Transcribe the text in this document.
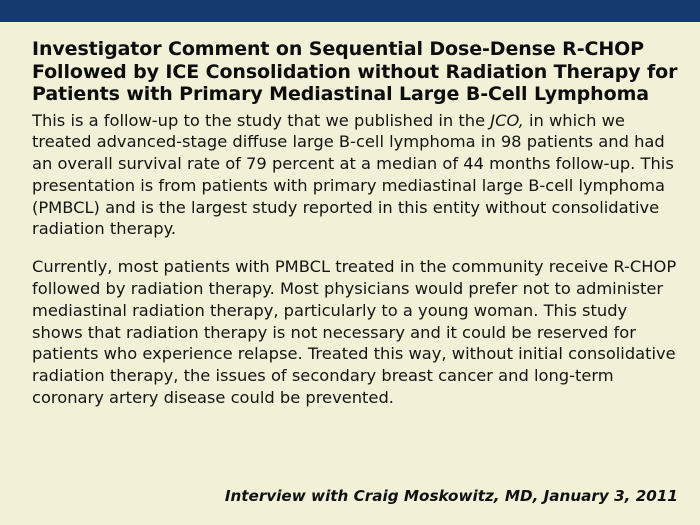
Investigator Comment on Sequential Dose-Dense R-CHOP Followed by ICE Consolidation without Radiation Therapy for Patients with Primary Mediastinal Large B-Cell Lymphoma

This is a follow-up to the study that we published in the JCO, in which we treated advanced-stage diffuse large B-cell lymphoma in 98 patients and had an overall survival rate of 79 percent at a median of 44 months follow-up. This presentation is from patients with primary mediastinal large B-cell lymphoma (PMBCL) and is the largest study reported in this entity without consolidative radiation therapy.

Currently, most patients with PMBCL treated in the community receive R-CHOP followed by radiation therapy. Most physicians would prefer not to administer mediastinal radiation therapy, particularly to a young woman. This study shows that radiation therapy is not necessary and it could be reserved for patients who experience relapse. Treated this way, without initial consolidative radiation therapy, the issues of secondary breast cancer and long-term coronary artery disease could be prevented.

Interview with Craig Moskowitz, MD, January 3, 2011
